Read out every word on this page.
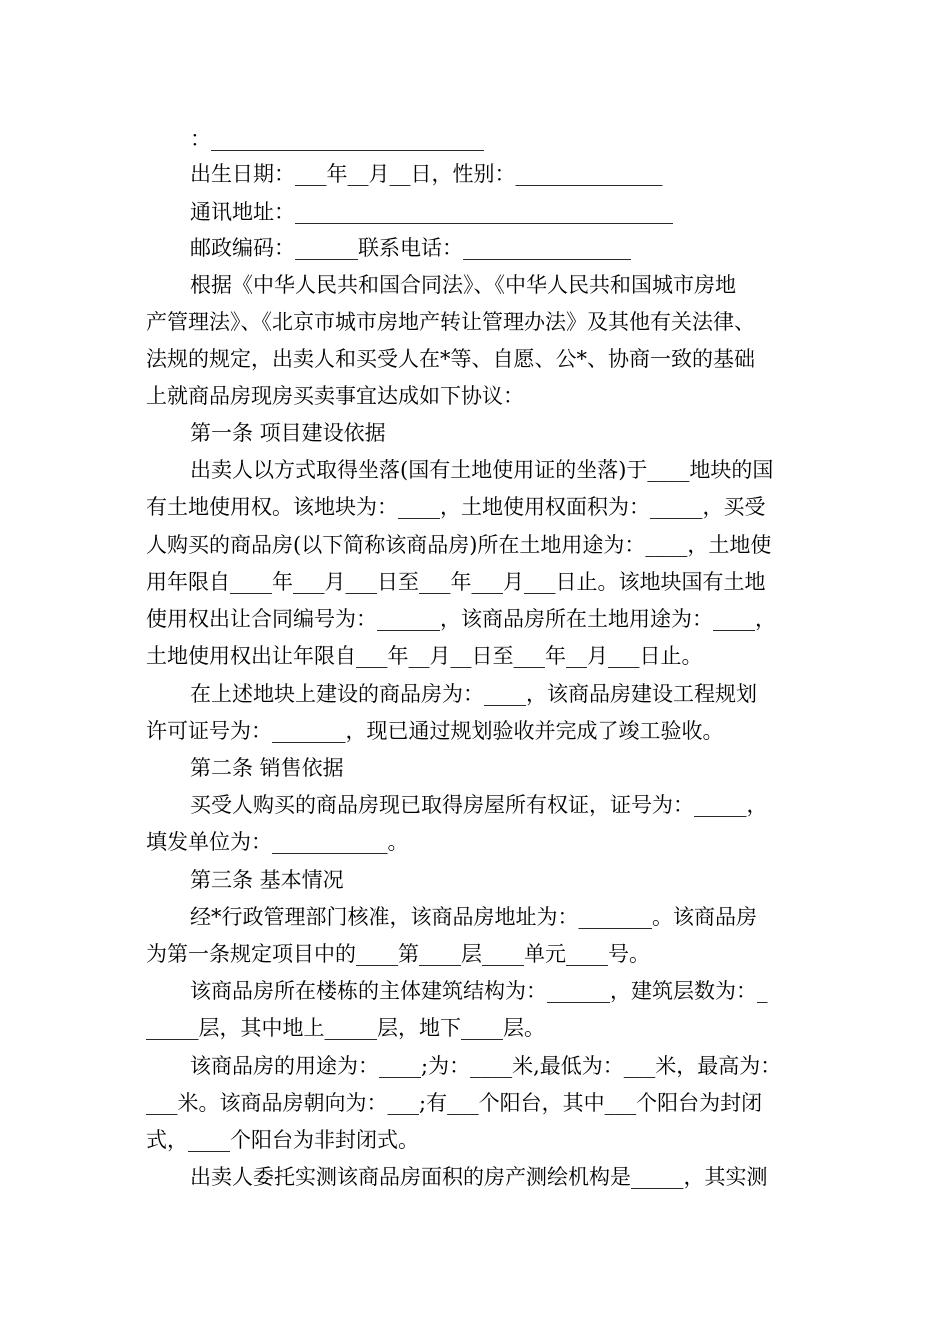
：__________________________
出生日期：___年__月__日，性别：______________
通讯地址：____________________________________
邮政编码：______联系电话：________________
根据《中华人民共和国合同法》、《中华人民共和国城市房地
产管理法》、《北京市城市房地产转让管理办法》及其他有关法律、
法规的规定，出卖人和买受人在*等、自愿、公*、协商一致的基础
上就商品房现房买卖事宜达成如下协议：
第一条 项目建设依据
出卖人以方式取得坐落(国有土地使用证的坐落)于____地块的国
有土地使用权。该地块为：____，土地使用权面积为：_____，买受
人购买的商品房(以下简称该商品房)所在土地用途为：____，土地使
用年限自____年___月___日至___年___月___日止。该地块国有土地
使用权出让合同编号为：______，该商品房所在土地用途为：____，
土地使用权出让年限自___年__月__日至___年__月___日止。
在上述地块上建设的商品房为：____，该商品房建设工程规划
许可证号为：_______，现已通过规划验收并完成了竣工验收。
第二条 销售依据
买受人购买的商品房现已取得房屋所有权证，证号为：_____，
填发单位为：___________。
第三条 基本情况
经*行政管理部门核准，该商品房地址为：_______。该商品房
为第一条规定项目中的____第____层____单元____号。
该商品房所在楼栋的主体建筑结构为：______，建筑层数为：_
_____层，其中地上_____层，地下____层。
该商品房的用途为：____;为：____米,最低为：___米，最高为：
___米。该商品房朝向为：___;有___个阳台，其中___个阳台为封闭
式，____个阳台为非封闭式。
出卖人委托实测该商品房面积的房产测绘机构是_____，其实测
